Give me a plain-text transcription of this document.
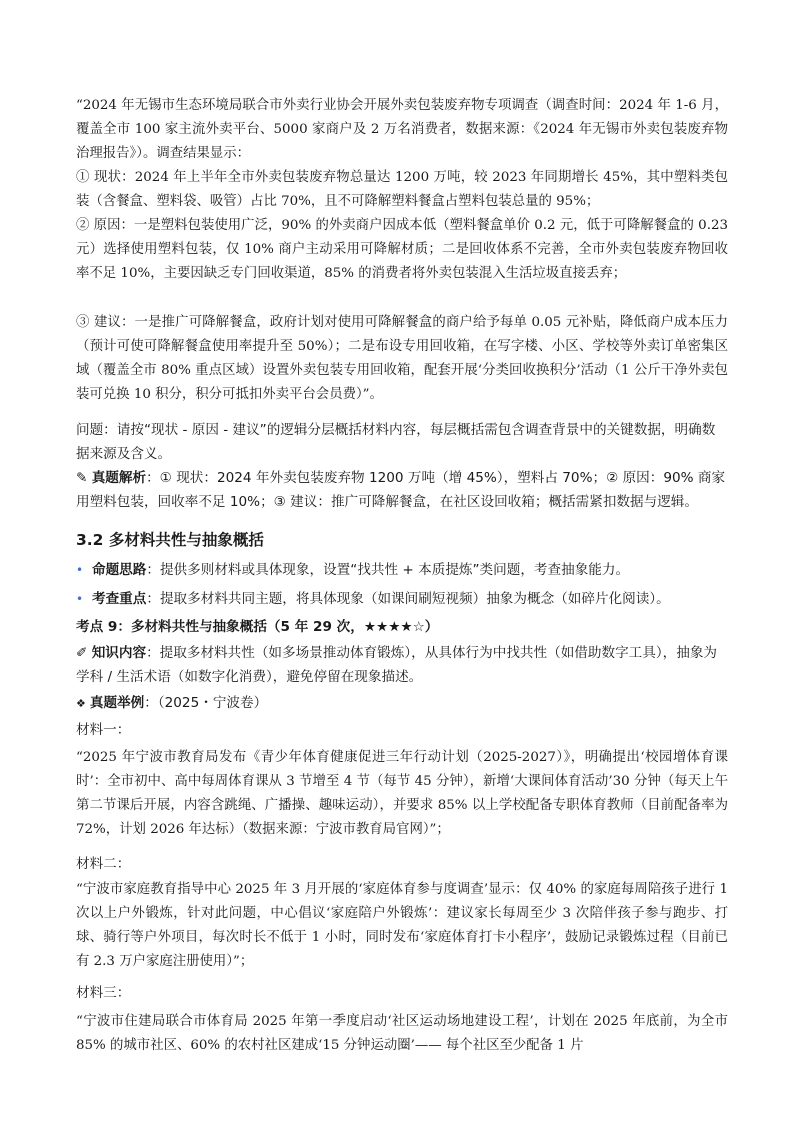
“2024 年无锡市生态环境局联合市外卖行业协会开展外卖包装废弃物专项调查（调查时间：2024 年 1-6 月，覆盖全市 100 家主流外卖平台、5000 家商户及 2 万名消费者，数据来源：《2024 年无锡市外卖包装废弃物治理报告》）。调查结果显示：

① 现状：2024 年上半年全市外卖包装废弃物总量达 1200 万吨，较 2023 年同期增长 45%，其中塑料类包装（含餐盒、塑料袋、吸管）占比 70%，且不可降解塑料餐盒占塑料包装总量的 95%；

② 原因：一是塑料包装使用广泛，90% 的外卖商户因成本低（塑料餐盒单价 0.2 元，低于可降解餐盒的 0.23 元）选择使用塑料包装，仅 10% 商户主动采用可降解材质；二是回收体系不完善，全市外卖包装废弃物回收率不足 10%，主要因缺乏专门回收渠道，85% 的消费者将外卖包装混入生活垃圾直接丢弃；

③ 建议：一是推广可降解餐盒，政府计划对使用可降解餐盒的商户给予每单 0.05 元补贴，降低商户成本压力（预计可使可降解餐盒使用率提升至 50%）；二是布设专用回收箱，在写字楼、小区、学校等外卖订单密集区域（覆盖全市 80% 重点区域）设置外卖包装专用回收箱，配套开展‘分类回收换积分’活动（1 公斤干净外卖包装可兑换 10 积分，积分可抵扣外卖平台会员费）”。

问题：请按“现状 - 原因 - 建议”的逻辑分层概括材料内容，每层概括需包含调查背景中的关键数据，明确数据来源及含义。

✎ 真题解析：① 现状：2024 年外卖包装废弃物 1200 万吨（增 45%），塑料占 70%；② 原因：90% 商家用塑料包装，回收率不足 10%；③ 建议：推广可降解餐盒，在社区设回收箱；概括需紧扣数据与逻辑。

3.2 多材料共性与抽象概括

• 命题思路：提供多则材料或具体现象，设置“找共性 + 本质提炼”类问题，考查抽象能力。

• 考查重点：提取多材料共同主题，将具体现象（如课间刷短视频）抽象为概念（如碎片化阅读）。

考点 9：多材料共性与抽象概括（5 年 29 次，★★★★☆）

✐ 知识内容：提取多材料共性（如多场景推动体育锻炼），从具体行为中找共性（如借助数字工具），抽象为学科 / 生活术语（如数字化消费），避免停留在现象描述。

❖ 真题举例：（2025・宁波卷）

材料一：

“2025 年宁波市教育局发布《青少年体育健康促进三年行动计划（2025-2027）》，明确提出‘校园增体育课时’：全市初中、高中每周体育课从 3 节增至 4 节（每节 45 分钟），新增‘大课间体育活动’30 分钟（每天上午第二节课后开展，内容含跳绳、广播操、趣味运动），并要求 85% 以上学校配备专职体育教师（目前配备率为 72%，计划 2026 年达标）（数据来源：宁波市教育局官网）”；

材料二：

“宁波市家庭教育指导中心 2025 年 3 月开展的‘家庭体育参与度调查’显示：仅 40% 的家庭每周陪孩子进行 1 次以上户外锻炼，针对此问题，中心倡议‘家庭陪户外锻炼’：建议家长每周至少 3 次陪伴孩子参与跑步、打球、骑行等户外项目，每次时长不低于 1 小时，同时发布‘家庭体育打卡小程序’，鼓励记录锻炼过程（目前已有 2.3 万户家庭注册使用）”；

材料三：

“宁波市住建局联合市体育局 2025 年第一季度启动‘社区运动场地建设工程’，计划在 2025 年底前，为全市 85% 的城市社区、60% 的农村社区建成‘15 分钟运动圈’—— 每个社区至少配备 1 片
